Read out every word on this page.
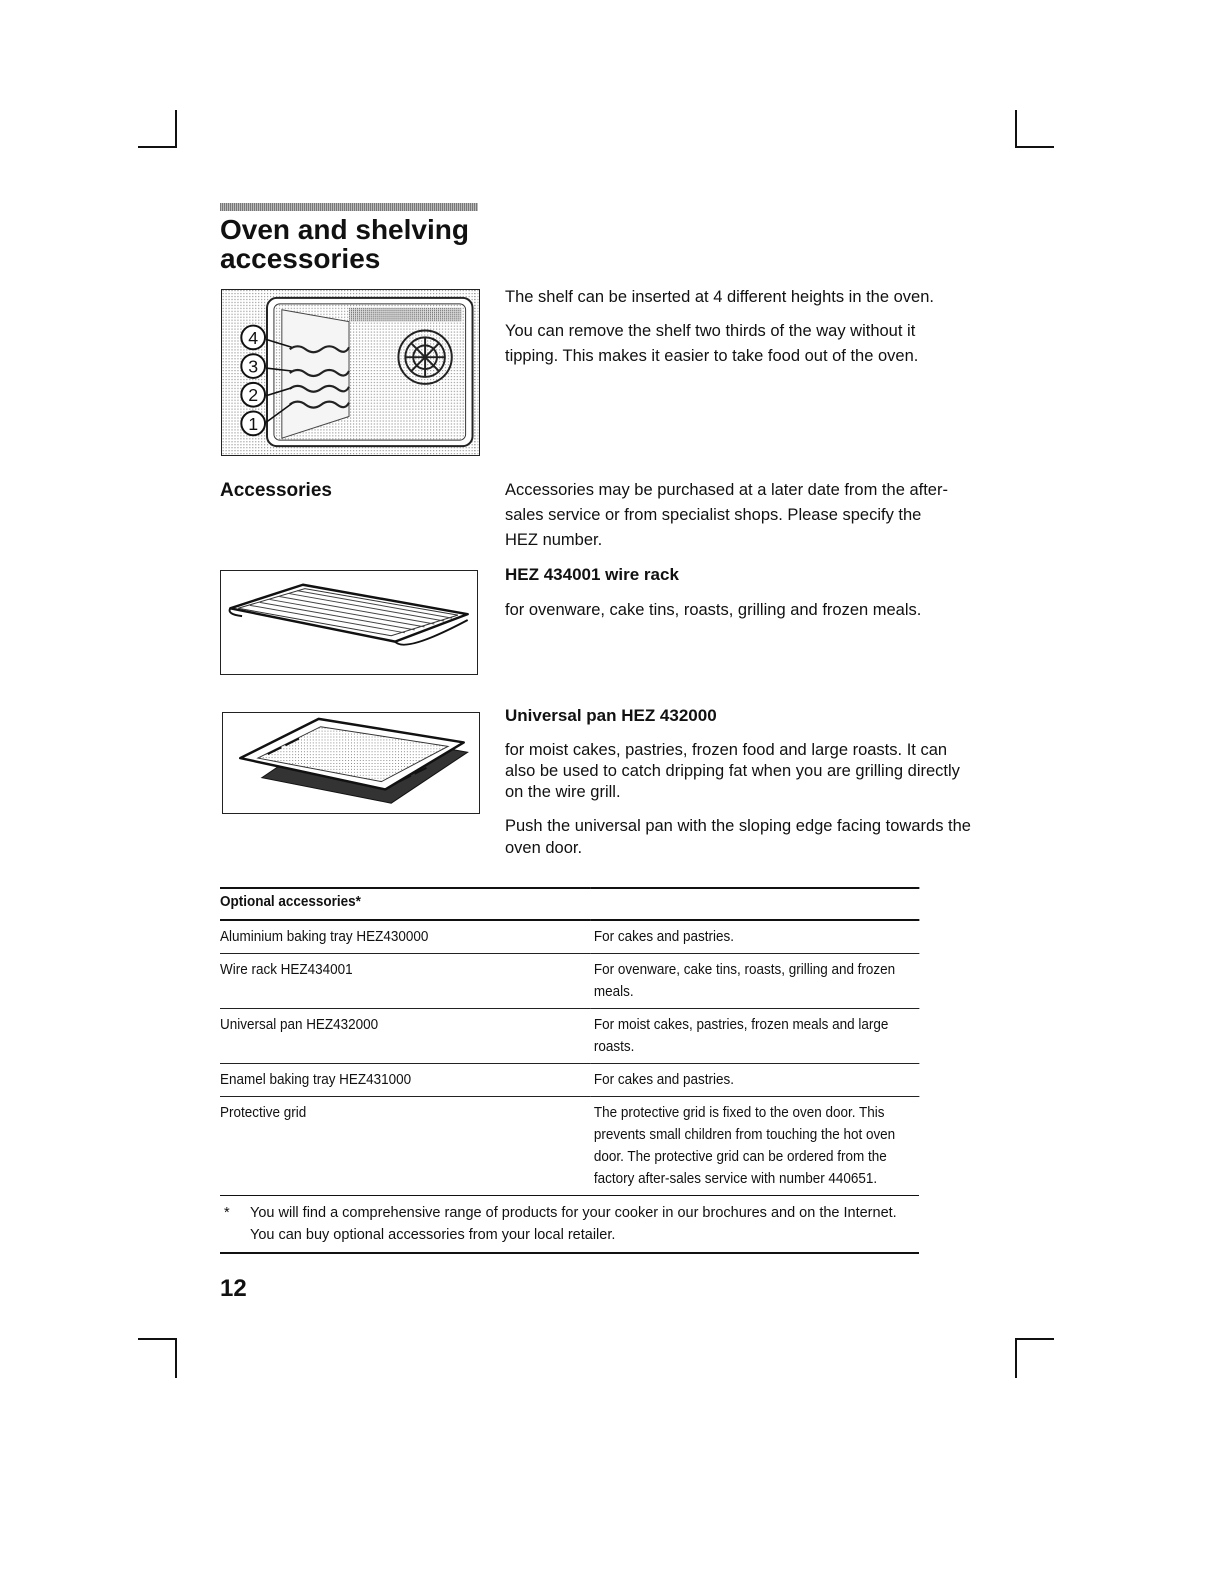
Oven and shelving accessories
4
3
2
1

The shelf can be inserted at 4 different heights in the oven.

You can remove the shelf two thirds of the way without it tipping. This makes it easier to take food out of the oven.

Accessories	Accessories may be purchased at a later date from the after-sales service or from specialist shops. Please specify the HEZ number.

HEZ 434001 wire rack

for ovenware, cake tins, roasts, grilling and frozen meals.

Universal pan HEZ 432000

for moist cakes, pastries, frozen food and large roasts. It can also be used to catch dripping fat when you are grilling directly on the wire grill.

Push the universal pan with the sloping edge facing towards the oven door.

Optional accessories*	
Aluminium baking tray HEZ430000	For cakes and pastries.
Wire rack HEZ434001	For ovenware, cake tins, roasts, grilling and frozen meals.
Universal pan HEZ432000	For moist cakes, pastries, frozen meals and large roasts.
Enamel baking tray HEZ431000	For cakes and pastries.
Protective grid	The protective grid is fixed to the oven door. This prevents small children from touching the hot oven door. The protective grid can be ordered from the factory after-sales service with number 440651.
* You will find a comprehensive range of products for your cooker in our brochures and on the Internet. You can buy optional accessories from your local retailer.

12
